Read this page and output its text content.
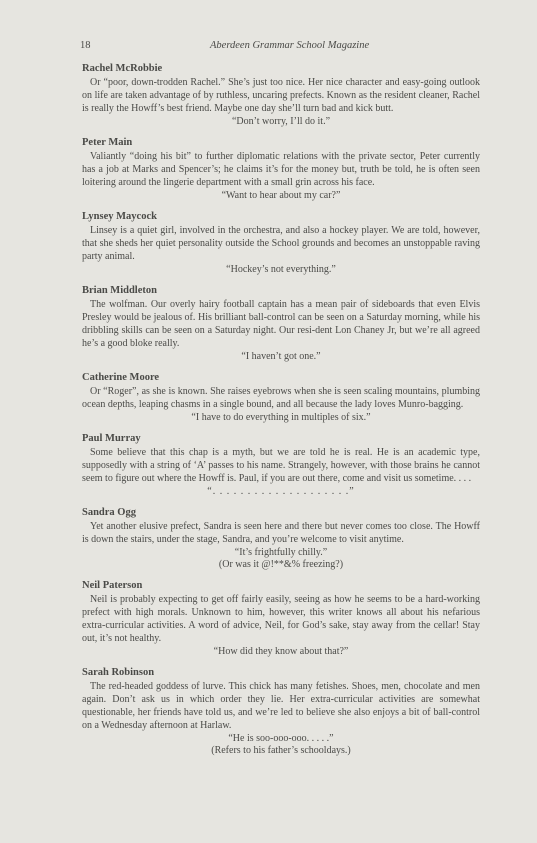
18	Aberdeen Grammar School Magazine

Rachel McRobbie

Or “poor, down-trodden Rachel.” She’s just too nice. Her nice character and easy-going outlook on life are taken advantage of by ruthless, uncaring prefects. Known as the resident cleaner, Rachel is really the Howff’s best friend. Maybe one day she’ll turn bad and kick butt.

“Don’t worry, I’ll do it.”

Peter Main

Valiantly “doing his bit” to further diplomatic relations with the private sector, Peter currently has a job at Marks and Spencer’s; he claims it’s for the money but, truth be told, he is often seen loitering around the lingerie department with a small grin across his face.

“Want to hear about my car?”

Lynsey Maycock

Linsey is a quiet girl, involved in the orchestra, and also a hockey player. We are told, however, that she sheds her quiet personality outside the School grounds and becomes an unstoppable raving party animal.

“Hockey’s not everything.”

Brian Middleton

The wolfman. Our overly hairy football captain has a mean pair of sideboards that even Elvis Presley would be jealous of. His brilliant ball-control can be seen on a Saturday morning, while his dribbling skills can be seen on a Saturday night. Our resi-dent Lon Chaney Jr, but we’re all agreed he’s a good bloke really.

“I haven’t got one.”

Catherine Moore

Or “Roger”, as she is known. She raises eyebrows when she is seen scaling mountains, plumbing ocean depths, leaping chasms in a single bound, and all because the lady loves Munro-bagging.

“I have to do everything in multiples of six.”

Paul Murray

Some believe that this chap is a myth, but we are told he is real. He is an academic type, supposedly with a string of ‘A’ passes to his name. Strangely, however, with those brains he cannot seem to figure out where the Howff is. Paul, if you are out there, come and visit us sometime. . . .

“. . . . . . . . . . . . . . . . . . . .”

Sandra Ogg

Yet another elusive prefect, Sandra is seen here and there but never comes too close. The Howff is down the stairs, under the stage, Sandra, and you’re welcome to visit anytime.

“It’s frightfully chilly.”

(Or was it @!**&% freezing?)

Neil Paterson

Neil is probably expecting to get off fairly easily, seeing as how he seems to be a hard-working prefect with high morals. Unknown to him, however, this writer knows all about his nefarious extra-curricular activities. A word of advice, Neil, for God’s sake, stay away from the cellar! Stay out, it’s not healthy.

“How did they know about that?”

Sarah Robinson

The red-headed goddess of lurve. This chick has many fetishes. Shoes, men, chocolate and men again. Don’t ask us in which order they lie. Her extra-curricular activities are somewhat questionable, her friends have told us, and we’re led to believe she also enjoys a bit of ball-control on a Wednesday afternoon at Harlaw.

“He is soo-ooo-ooo. . . . .”

(Refers to his father’s schooldays.)
